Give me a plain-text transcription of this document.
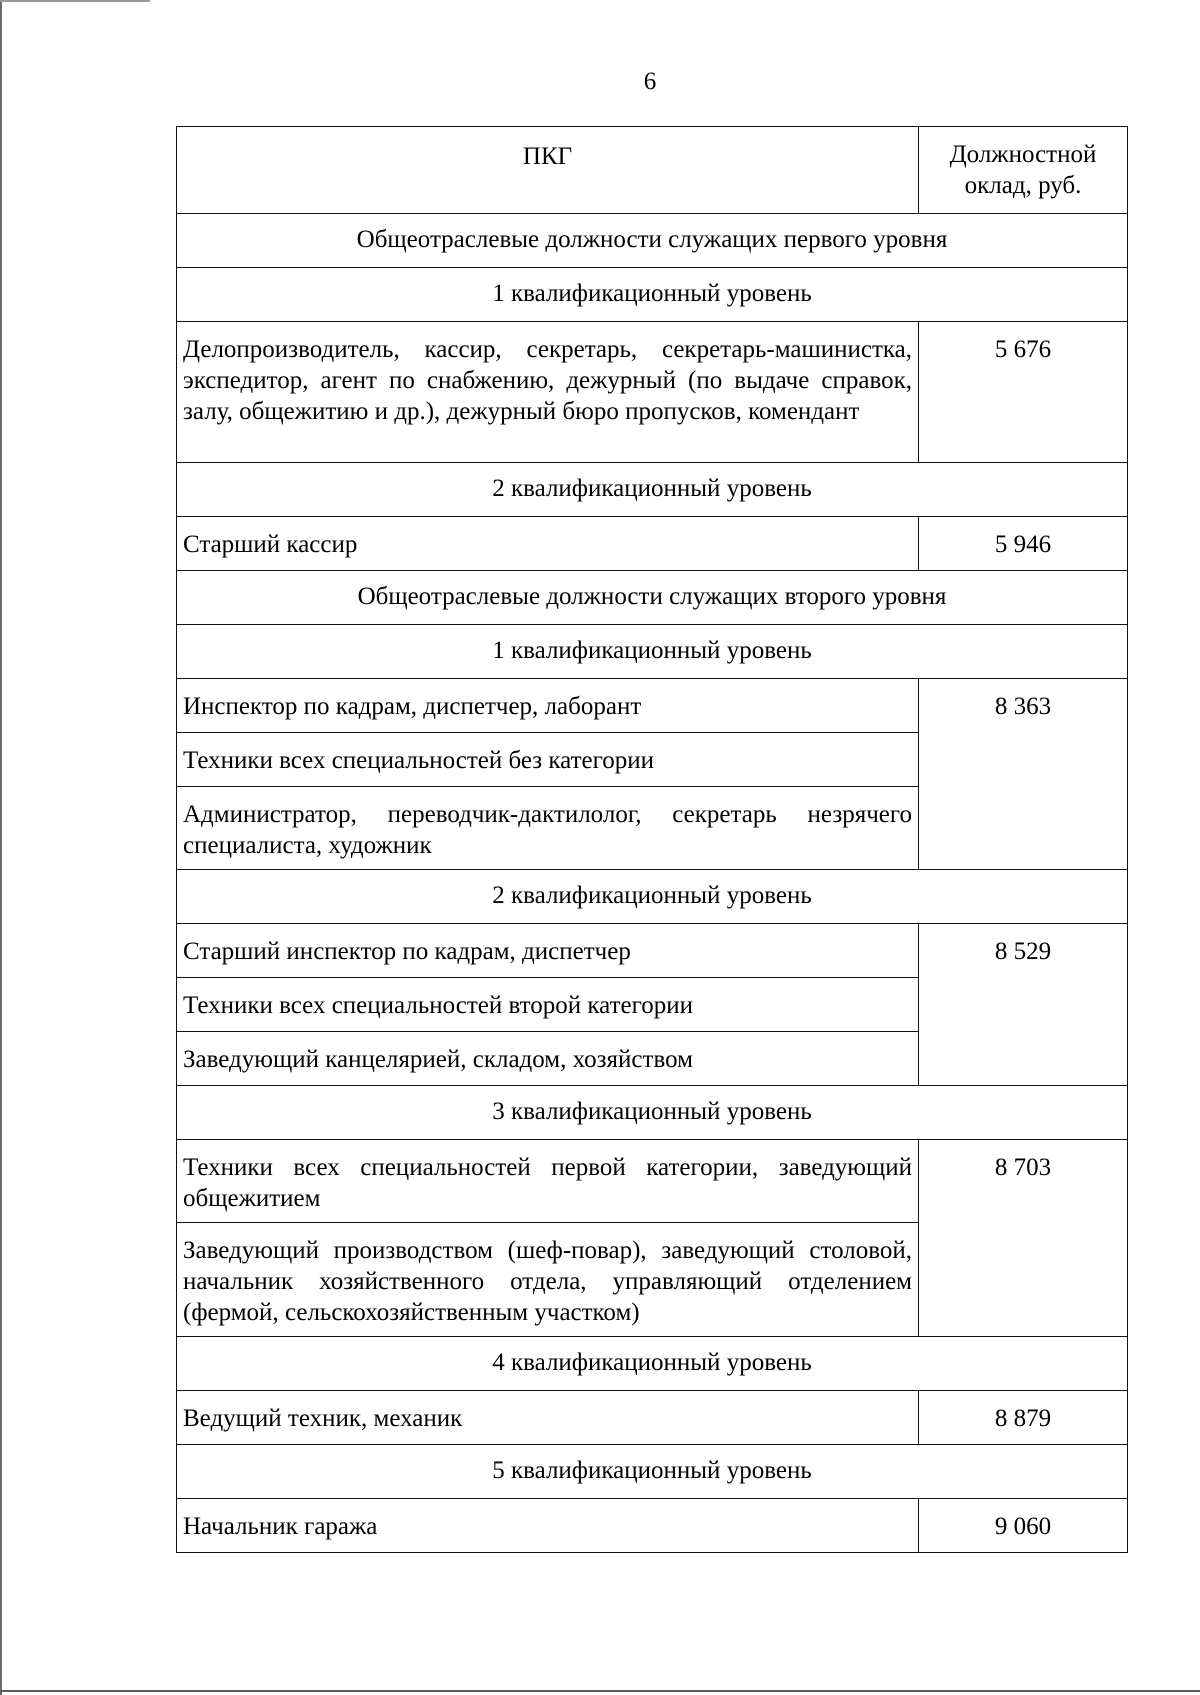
6
ПКГ	Должностной
оклад, руб.

Общеотраслевые должности служащих первого уровня	

1 квалификационный уровень	

Делопроизводитель, кассир, секретарь, секретарь-машинистка, экспедитор, агент по снабжению, дежурный (по выдаче справок, залу, общежитию и др.), дежурный бюро пропусков, комендант	5 676

2 квалификационный уровень	

Старший кассир	5 946

Общеотраслевые должности служащих второго уровня	

1 квалификационный уровень	

Инспектор по кадрам, диспетчер, лаборант	8 363
Техники всех специальностей без категории	
Администратор, переводчик-дактилолог, секретарь незрячего специалиста, художник	

2 квалификационный уровень	

Старший инспектор по кадрам, диспетчер	8 529
Техники всех специальностей второй категории	
Заведующий канцелярией, складом, хозяйством	

3 квалификационный уровень	

Техники всех специальностей первой категории, заведующий общежитием	8 703
Заведующий производством (шеф-повар), заведующий столовой, начальник хозяйственного отдела, управляющий отделением (фермой, сельскохозяйственным участком)	

4 квалификационный уровень	

Ведущий техник, механик	8 879

5 квалификационный уровень	

Начальник гаража	9 060
